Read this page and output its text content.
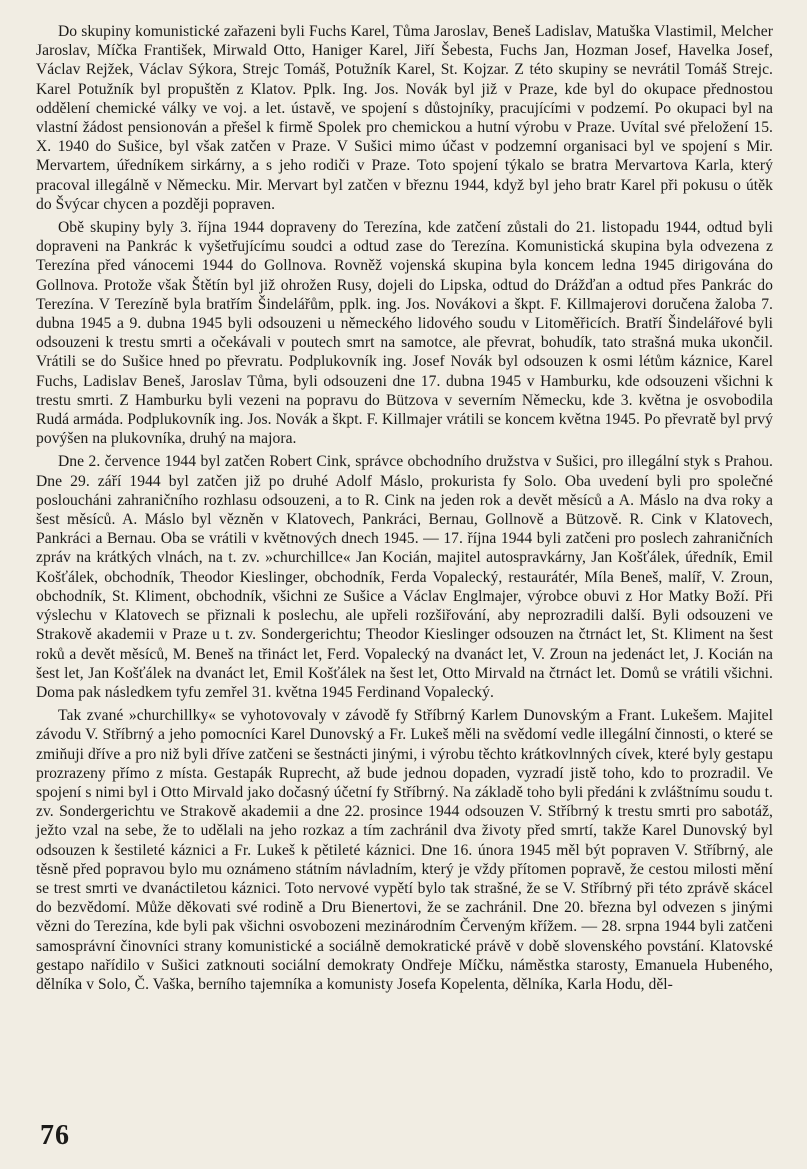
Do skupiny komunistické zařazeni byli Fuchs Karel, Tůma Jaroslav, Beneš Ladislav, Matuška Vlastimil, Melcher Jaroslav, Míčka František, Mirwald Otto, Haniger Karel, Jiří Šebesta, Fuchs Jan, Hozman Josef, Havelka Josef, Václav Rejžek, Václav Sýkora, Strejc Tomáš, Potužník Karel, St. Kojzar. Z této skupiny se nevrátil Tomáš Strejc. Karel Potužník byl propuštěn z Klatov. Pplk. Ing. Jos. Novák byl již v Praze, kde byl do okupace přednostou oddělení chemické války ve voj. a let. ústavě, ve spojení s důstojníky, pracujícími v podzemí. Po okupaci byl na vlastní žádost pensionován a přešel k firmě Spolek pro chemickou a hutní výrobu v Praze. Uvítal své přeložení 15. X. 1940 do Sušice, byl však zatčen v Praze. V Sušici mimo účast v podzemní organisaci byl ve spojení s Mir. Mervartem, úředníkem sirkárny, a s jeho rodiči v Praze. Toto spojení týkalo se bratra Mervartova Karla, který pracoval illegálně v Německu. Mir. Mervart byl zatčen v březnu 1944, když byl jeho bratr Karel při pokusu o útěk do Švýcar chycen a později popraven.

Obě skupiny byly 3. října 1944 dopraveny do Terezína, kde zatčení zůstali do 21. listopadu 1944, odtud byli dopraveni na Pankrác k vyšetřujícímu soudci a odtud zase do Terezína. Komunistická skupina byla odvezena z Terezína před vánocemi 1944 do Gollnova. Rovněž vojenská skupina byla koncem ledna 1945 dirigována do Gollnova. Protože však Štětín byl již ohrožen Rusy, dojeli do Lipska, odtud do Drážďan a odtud přes Pankrác do Terezína. V Terezíně byla bratřím Šindelářům, pplk. ing. Jos. Novákovi a škpt. F. Killmajerovi doručena žaloba 7. dubna 1945 a 9. dubna 1945 byli odsouzeni u německého lidového soudu v Litoměřicích. Bratří Šindelářové byli odsouzeni k trestu smrti a očekávali v poutech smrt na samotce, ale převrat, bohudík, tato strašná muka ukončil. Vrátili se do Sušice hned po převratu. Podplukovník ing. Josef Novák byl odsouzen k osmi létům káznice, Karel Fuchs, Ladislav Beneš, Jaroslav Tůma, byli odsouzeni dne 17. dubna 1945 v Hamburku, kde odsouzeni všichni k trestu smrti. Z Hamburku byli vezeni na popravu do Bützova v severním Německu, kde 3. května je osvobodila Rudá armáda. Podplukovník ing. Jos. Novák a škpt. F. Killmajer vrátili se koncem května 1945. Po převratě byl prvý povýšen na plukovníka, druhý na majora.

Dne 2. července 1944 byl zatčen Robert Cink, správce obchodního družstva v Sušici, pro illegální styk s Prahou. Dne 29. září 1944 byl zatčen již po druhé Adolf Máslo, prokurista fy Solo. Oba uvedení byli pro společné posloucháni zahraničního rozhlasu odsouzeni, a to R. Cink na jeden rok a devět měsíců a A. Máslo na dva roky a šest měsíců. A. Máslo byl vězněn v Klatovech, Pankráci, Bernau, Gollnově a Bützově. R. Cink v Klatovech, Pankráci a Bernau. Oba se vrátili v květnových dnech 1945. — 17. října 1944 byli zatčeni pro poslech zahraničních zpráv na krátkých vlnách, na t. zv. »churchillce« Jan Kocián, majitel autospravkárny, Jan Košťálek, úředník, Emil Košťálek, obchodník, Theodor Kieslinger, obchodník, Ferda Vopalecký, restaurátér, Míla Beneš, malíř, V. Zroun, obchodník, St. Kliment, obchodník, všichni ze Sušice a Václav Englmajer, výrobce obuvi z Hor Matky Boží. Při výslechu v Klatovech se přiznali k poslechu, ale upřeli rozšiřování, aby neprozradili další. Byli odsouzeni ve Strakově akademii v Praze u t. zv. Sondergerichtu; Theodor Kieslinger odsouzen na čtrnáct let, St. Kliment na šest roků a devět měsíců, M. Beneš na třináct let, Ferd. Vopalecký na dvanáct let, V. Zroun na jedenáct let, J. Kocián na šest let, Jan Košťálek na dvanáct let, Emil Košťálek na šest let, Otto Mirvald na čtrnáct let. Domů se vrátili všichni. Doma pak následkem tyfu zemřel 31. května 1945 Ferdinand Vopalecký.

Tak zvané »churchillky« se vyhotovovaly v závodě fy Stříbrný Karlem Dunovským a Frant. Lukešem. Majitel závodu V. Stříbrný a jeho pomocníci Karel Dunovský a Fr. Lukeš měli na svědomí vedle illegální činnosti, o které se zmiňuji dříve a pro niž byli dříve zatčeni se šestnácti jinými, i výrobu těchto krátkovlnných cívek, které byly gestapu prozrazeny přímo z místa. Gestapák Ruprecht, až bude jednou dopaden, vyzradí jistě toho, kdo to prozradil. Ve spojení s nimi byl i Otto Mirvald jako dočasný účetní fy Stříbrný. Na základě toho byli předáni k zvláštnímu soudu t. zv. Sondergerichtu ve Strakově akademii a dne 22. prosince 1944 odsouzen V. Stříbrný k trestu smrti pro sabotáž, ježto vzal na sebe, že to udělali na jeho rozkaz a tím zachránil dva životy před smrtí, takže Karel Dunovský byl odsouzen k šestileté káznici a Fr. Lukeš k pětileté káznici. Dne 16. února 1945 měl být popraven V. Stříbrný, ale těsně před popravou bylo mu oznámeno státním návladním, který je vždy přítomen popravě, že cestou milosti mění se trest smrti ve dvanáctiletou káznici. Toto nervové vypětí bylo tak strašné, že se V. Stříbrný při této zprávě skácel do bezvědomí. Může děkovati své rodině a Dru Bienertovi, že se zachránil. Dne 20. března byl odvezen s jinými vězni do Terezína, kde byli pak všichni osvobozeni mezinárodním Červeným křížem. — 28. srpna 1944 byli zatčeni samosprávní činovníci strany komunistické a sociálně demokratické právě v době slovenského povstání. Klatovské gestapo nařídilo v Sušici zatknouti sociální demokraty Ondřeje Míčku, náměstka starosty, Emanuela Hubeného, dělníka v Solo, Č. Vaška, berního tajemníka a komunisty Josefa Kopelenta, dělníka, Karla Hodu, děl-

76
